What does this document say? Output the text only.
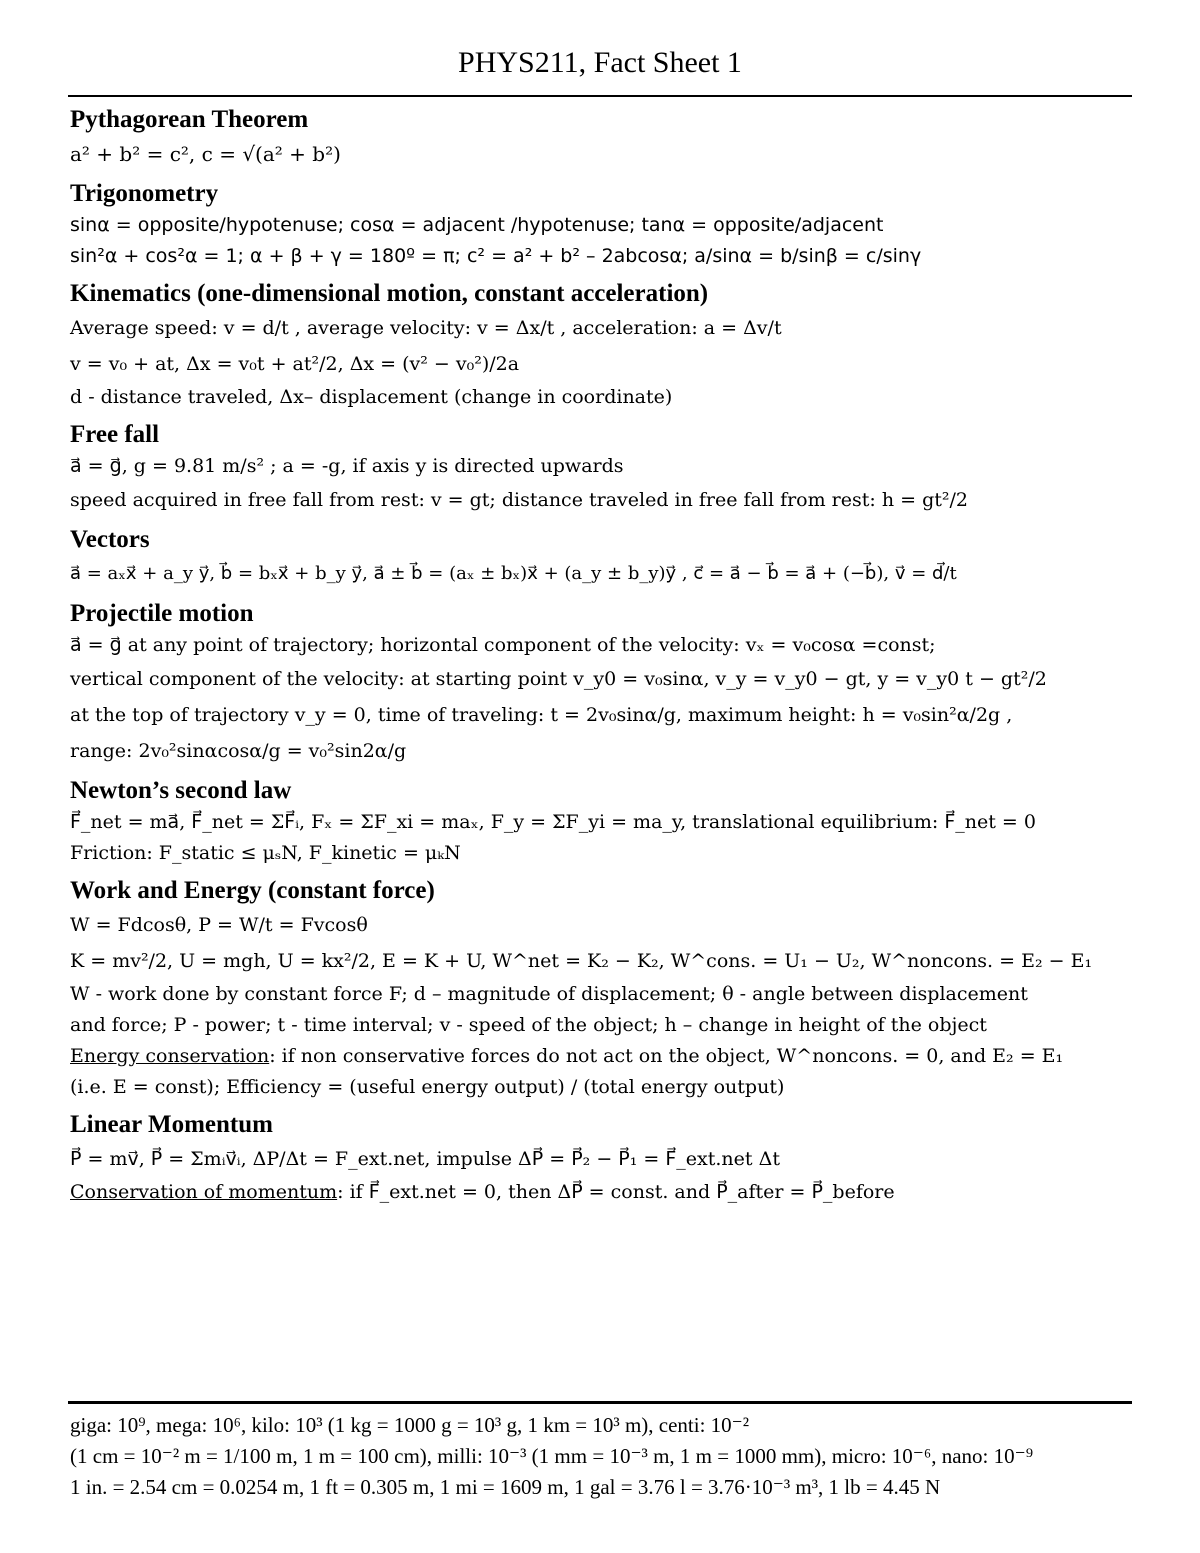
PHYS211, Fact Sheet 1
Pythagorean Theorem
a² + b² = c², c = √(a² + b²)
Trigonometry
sinα = opposite/hypotenuse; cosα = adjacent /hypotenuse; tanα = opposite/adjacent
sin²α + cos²α = 1; α + β + γ = 180º = π; c² = a² + b² – 2abcosα; a/sinα = b/sinβ = c/sinγ
Kinematics (one-dimensional motion, constant acceleration)
Average speed: v = d/t , average velocity: v = Δx/t , acceleration: a = Δv/t
v = v₀ + at, Δx = v₀t + at²/2, Δx = (v² − v₀²)/2a
d - distance traveled, Δx– displacement (change in coordinate)
Free fall
a⃗ = g⃗, g = 9.81 m/s² ; a = -g, if axis y is directed upwards
speed acquired in free fall from rest: v = gt; distance traveled in free fall from rest: h = gt²/2
Vectors
a⃗ = aₓx⃗ + a_y y⃗, b⃗ = bₓx⃗ + b_y y⃗, a⃗ ± b⃗ = (aₓ ± bₓ)x⃗ + (a_y ± b_y)y⃗ , c⃗ = a⃗ − b⃗ = a⃗ + (−b⃗), v⃗ = d⃗/t
Projectile motion
a⃗ = g⃗ at any point of trajectory; horizontal component of the velocity: vₓ = v₀cosα =const;
vertical component of the velocity: at starting point v_y0 = v₀sinα, v_y = v_y0 − gt, y = v_y0 t − gt²/2
at the top of trajectory v_y = 0, time of traveling: t = 2v₀sinα/g, maximum height: h = v₀sin²α/2g ,
range: 2v₀²sinαcosα/g = v₀²sin2α/g
Newton’s second law
F⃗_net = ma⃗, F⃗_net = ΣF⃗ᵢ, Fₓ = ΣF_xi = maₓ, F_y = ΣF_yi = ma_y, translational equilibrium: F⃗_net = 0
Friction: F_static ≤ μₛN, F_kinetic = μₖN
Work and Energy (constant force)
W = Fdcosθ, P = W/t = Fvcosθ
K = mv²/2, U = mgh, U = kx²/2, E = K + U, W^net = K₂ − K₂, W^cons. = U₁ − U₂, W^noncons. = E₂ − E₁
W - work done by constant force F; d – magnitude of displacement; θ - angle between displacement
and force; P - power; t - time interval; v - speed of the object; h – change in height of the object
Energy conservation: if non conservative forces do not act on the object, W^noncons. = 0, and E₂ = E₁
(i.e. E = const); Efficiency = (useful energy output) / (total energy output)
Linear Momentum
P⃗ = mv⃗, P⃗ = Σmᵢv⃗ᵢ, ΔP/Δt = F_ext.net, impulse ΔP⃗ = P⃗₂ − P⃗₁ = F⃗_ext.net Δt
Conservation of momentum: if F⃗_ext.net = 0, then ΔP⃗ = const. and P⃗_after = P⃗_before
giga: 10⁹, mega: 10⁶, kilo: 10³ (1 kg = 1000 g = 10³ g, 1 km = 10³ m), centi: 10⁻²
(1 cm = 10⁻² m = 1/100 m, 1 m = 100 cm), milli: 10⁻³ (1 mm = 10⁻³ m, 1 m = 1000 mm), micro: 10⁻⁶, nano: 10⁻⁹
1 in. = 2.54 cm = 0.0254 m, 1 ft = 0.305 m, 1 mi = 1609 m, 1 gal = 3.76 l = 3.76·10⁻³ m³, 1 lb = 4.45 N
